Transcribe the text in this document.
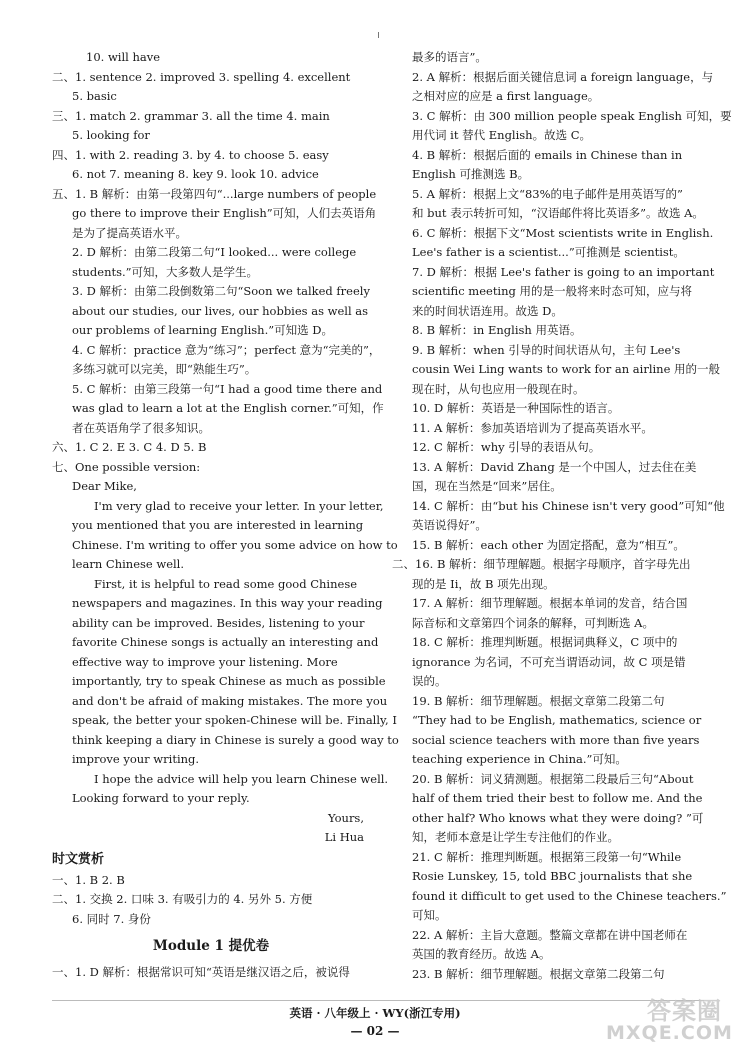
10. will have
二、1. sentence 2. improved 3. spelling 4. excellent
5. basic
三、1. match 2. grammar 3. all the time 4. main
5. looking for
四、1. with 2. reading 3. by 4. to choose 5. easy
6. not 7. meaning 8. key 9. look 10. advice
五、1. B 解析：由第一段第四句“...large numbers of people
go there to improve their English”可知，人们去英语角
是为了提高英语水平。
2. D 解析：由第二段第二句“I looked... were college
students.”可知，大多数人是学生。
3. D 解析：由第二段倒数第二句“Soon we talked freely
about our studies, our lives, our hobbies as well as
our problems of learning English.”可知选 D。
4. C 解析：practice 意为“练习”；perfect 意为“完美的”，
多练习就可以完美，即“熟能生巧”。
5. C 解析：由第三段第一句“I had a good time there and
was glad to learn a lot at the English corner.”可知，作
者在英语角学了很多知识。
六、1. C 2. E 3. C 4. D 5. B
七、One possible version:
Dear Mike,
I'm very glad to receive your letter. In your letter,
you mentioned that you are interested in learning
Chinese. I'm writing to offer you some advice on how to
learn Chinese well.
First, it is helpful to read some good Chinese
newspapers and magazines. In this way your reading
ability can be improved. Besides, listening to your
favorite Chinese songs is actually an interesting and
effective way to improve your listening. More
importantly, try to speak Chinese as much as possible
and don't be afraid of making mistakes. The more you
speak, the better your spoken-Chinese will be. Finally, I
think keeping a diary in Chinese is surely a good way to
improve your writing.
I hope the advice will help you learn Chinese well.
Looking forward to your reply.
Yours,
Li Hua
时文赏析
一、1. B 2. B
二、1. 交换 2. 口味 3. 有吸引力的 4. 另外 5. 方便
6. 同时 7. 身份
Module 1 提优卷
一、1. D 解析：根据常识可知“英语是继汉语之后，被说得
最多的语言”。
2. A 解析：根据后面关键信息词 a foreign language，与
之相对应的应是 a first language。
3. C 解析：由 300 million people speak English 可知，要
用代词 it 替代 English。故选 C。
4. B 解析：根据后面的 emails in Chinese than in
English 可推测选 B。
5. A 解析：根据上文“83%的电子邮件是用英语写的”
和 but 表示转折可知，“汉语邮件将比英语多”。故选 A。
6. C 解析：根据下文“Most scientists write in English.
Lee's father is a scientist...”可推测是 scientist。
7. D 解析：根据 Lee's father is going to an important
scientific meeting 用的是一般将来时态可知，应与将
来的时间状语连用。故选 D。
8. B 解析：in English 用英语。
9. B 解析：when 引导的时间状语从句，主句 Lee's
cousin Wei Ling wants to work for an airline 用的一般
现在时，从句也应用一般现在时。
10. D 解析：英语是一种国际性的语言。
11. A 解析：参加英语培训为了提高英语水平。
12. C 解析：why 引导的表语从句。
13. A 解析：David Zhang 是一个中国人，过去住在美
国，现在当然是“回来”居住。
14. C 解析：由“but his Chinese isn't very good”可知“他
英语说得好”。
15. B 解析：each other 为固定搭配，意为“相互”。
二、16. B 解析：细节理解题。根据字母顺序，首字母先出
现的是 Ii，故 B 项先出现。
17. A 解析：细节理解题。根据本单词的发音，结合国
际音标和文章第四个词条的解释，可判断选 A。
18. C 解析：推理判断题。根据词典释义，C 项中的
ignorance 为名词，不可充当谓语动词，故 C 项是错
误的。
19. B 解析：细节理解题。根据文章第二段第二句
“They had to be English, mathematics, science or
social science teachers with more than five years
teaching experience in China.”可知。
20. B 解析：词义猜测题。根据第二段最后三句“About
half of them tried their best to follow me. And the
other half? Who knows what they were doing? ”可
知，老师本意是让学生专注他们的作业。
21. C 解析：推理判断题。根据第三段第一句“While
Rosie Lunskey, 15, told BBC journalists that she
found it difficult to get used to the Chinese teachers.”
可知。
22. A 解析：主旨大意题。整篇文章都在讲中国老师在
英国的教育经历。故选 A。
23. B 解析：细节理解题。根据文章第二段第二句
英语 · 八年级上 · WY(浙江专用)
— 02 —
答案圈
MXQE.COM
